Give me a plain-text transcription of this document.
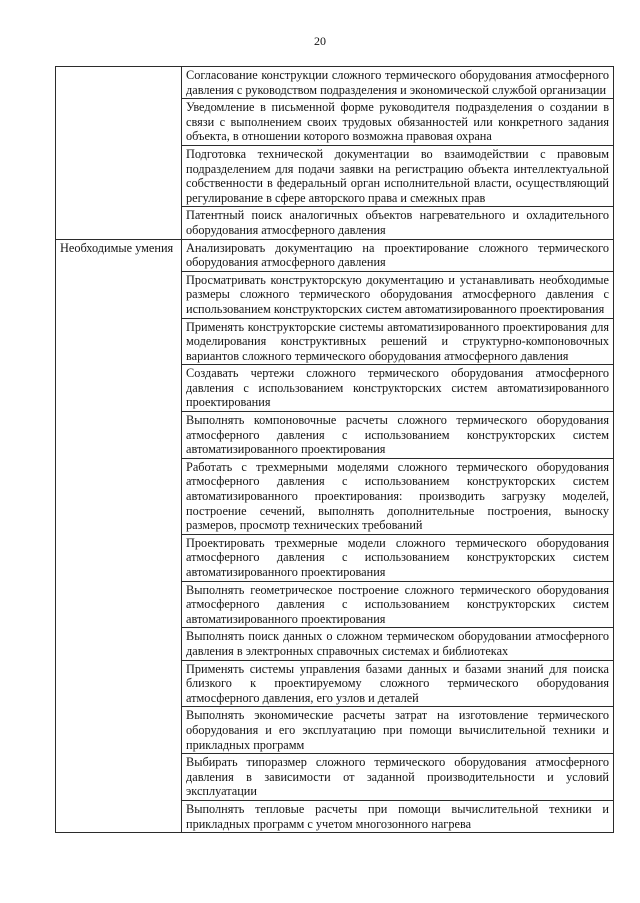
20
	Согласование конструкции сложного термического оборудования атмосферного давления с руководством подразделения и экономической службой организации
	Уведомление в письменной форме руководителя подразделения о создании в связи с выполнением своих трудовых обязанностей или конкретного задания объекта, в отношении которого возможна правовая охрана
	Подготовка технической документации во взаимодействии с правовым подразделением для подачи заявки на регистрацию объекта интеллектуальной собственности в федеральный орган исполнительной власти, осуществляющий регулирование в сфере авторского права и смежных прав
	Патентный поиск аналогичных объектов нагревательного и охладительного оборудования атмосферного давления
Необходимые умения	Анализировать документацию на проектирование сложного термического оборудования атмосферного давления
	Просматривать конструкторскую документацию и устанавливать необходимые размеры сложного термического оборудования атмосферного давления с использованием конструкторских систем автоматизированного проектирования
	Применять конструкторские системы автоматизированного проектирования для моделирования конструктивных решений и структурно-компоновочных вариантов сложного термического оборудования атмосферного давления
	Создавать чертежи сложного термического оборудования атмосферного давления с использованием конструкторских систем автоматизированного проектирования
	Выполнять компоновочные расчеты сложного термического оборудования атмосферного давления с использованием конструкторских систем автоматизированного проектирования
	Работать с трехмерными моделями сложного термического оборудования атмосферного давления с использованием конструкторских систем автоматизированного проектирования: производить загрузку моделей, построение сечений, выполнять дополнительные построения, выноску размеров, просмотр технических требований
	Проектировать трехмерные модели сложного термического оборудования атмосферного давления с использованием конструкторских систем автоматизированного проектирования
	Выполнять геометрическое построение сложного термического оборудования атмосферного давления с использованием конструкторских систем автоматизированного проектирования
	Выполнять поиск данных о сложном термическом оборудовании атмосферного давления в электронных справочных системах и библиотеках
	Применять системы управления базами данных и базами знаний для поиска близкого к проектируемому сложного термического оборудования атмосферного давления, его узлов и деталей
	Выполнять экономические расчеты затрат на изготовление термического оборудования и его эксплуатацию при помощи вычислительной техники и прикладных программ
	Выбирать типоразмер сложного термического оборудования атмосферного давления в зависимости от заданной производительности и условий эксплуатации
	Выполнять тепловые расчеты при помощи вычислительной техники и прикладных программ с учетом многозонного нагрева
